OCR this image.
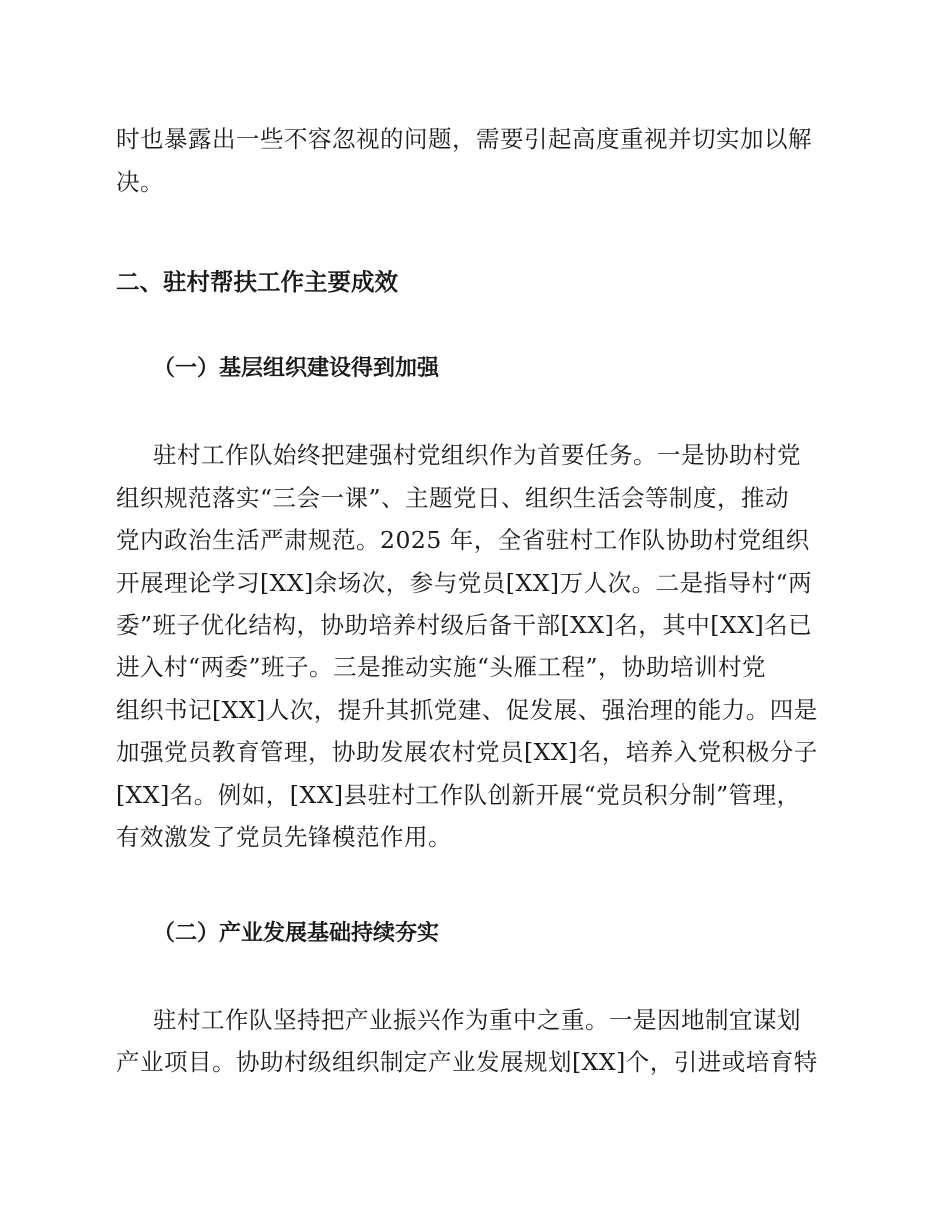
时也暴露出一些不容忽视的问题，需要引起高度重视并切实加以解
决。
二、驻村帮扶工作主要成效
（一）基层组织建设得到加强
驻村工作队始终把建强村党组织作为首要任务。一是协助村党
组织规范落实“三会一课”、主题党日、组织生活会等制度，推动
党内政治生活严肃规范。2025 年，全省驻村工作队协助村党组织
开展理论学习[XX]余场次，参与党员[XX]万人次。二是指导村“两
委”班子优化结构，协助培养村级后备干部[XX]名，其中[XX]名已
进入村“两委”班子。三是推动实施“头雁工程”，协助培训村党
组织书记[XX]人次，提升其抓党建、促发展、强治理的能力。四是
加强党员教育管理，协助发展农村党员[XX]名，培养入党积极分子
[XX]名。例如，[XX]县驻村工作队创新开展“党员积分制”管理，
有效激发了党员先锋模范作用。
（二）产业发展基础持续夯实
驻村工作队坚持把产业振兴作为重中之重。一是因地制宜谋划
产业项目。协助村级组织制定产业发展规划[XX]个，引进或培育特
